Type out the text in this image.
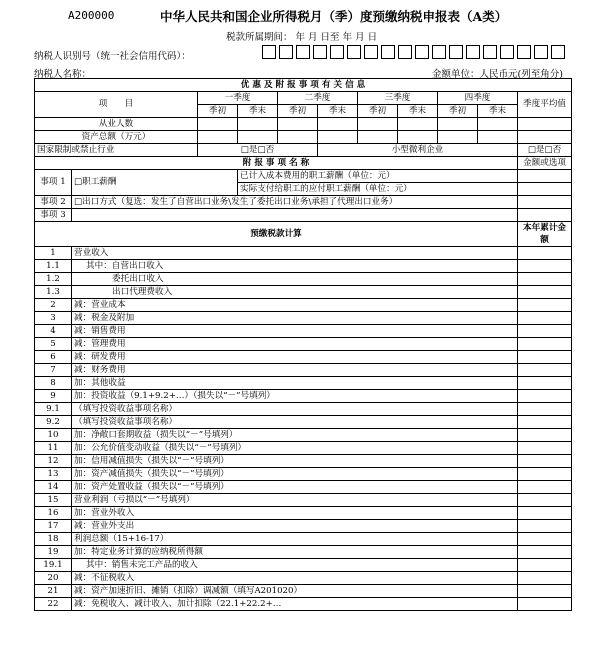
A200000	中华人民共和国企业所得税月（季）度预缴纳税申报表（A类）
税款所属期间： 年 月 日至 年 月 日
纳税人识别号（统一社会信用代码）：
纳税人名称：	金额单位：人民币元(列至角分)
优 惠 及 附 报 事 项 有 关 信 息										
项　　目		一季度		二季度		三季度		四季度		季度平均值
		季初	季末	季初	季末	季初	季末	季初	季末	
从业人数										
资产总额（万元）										
国家限制或禁止行业		□是□否			小型微利企业					□是□否
附 报 事 项 名 称										金额或选项
事项 1	□职工薪酬		已计入成本费用的职工薪酬（单位：元）							
			实际支付给职工的应付职工薪酬（单位：元）							
事项 2	□出口方式（复选：发生了自营出口业务\发生了委托出口业务\承担了代理出口业务）									
事项 3										
预缴税款计算										本年累计金额

1	营业收入									
1.1	其中：自营出口收入									
1.2	委托出口收入									
1.3	出口代理费收入									
2	减：营业成本									
3	减：税金及附加									
4	减：销售费用									
5	减：管理费用									
6	减：研发费用									
7	减：财务费用									
8	加：其他收益									
9	加：投资收益（9.1+9.2+…）（损失以“－”号填列）									
9.1	（填写投资收益事项名称）									
9.2	（填写投资收益事项名称）									
10	加：净敞口套期收益（损失以“－”号填列）									
11	加：公允价值变动收益（损失以“－”号填列）									
12	加：信用减值损失（损失以“－”号填列）									
13	加：资产减值损失（损失以“－”号填列）									
14	加：资产处置收益（损失以“－”号填列）									
15	营业利润（亏损以“－”号填列）									
16	加：营业外收入									
17	减：营业外支出									
18	利润总额（15+16-17）									
19	加：特定业务计算的应纳税所得额									
19.1	其中：销售未完工产品的收入									
20	减：不征税收入									
21	减：资产加速折旧、摊销（扣除）调减额（填写A201020）									
22	减：免税收入、减计收入、加计扣除（22.1+22.2+…									
